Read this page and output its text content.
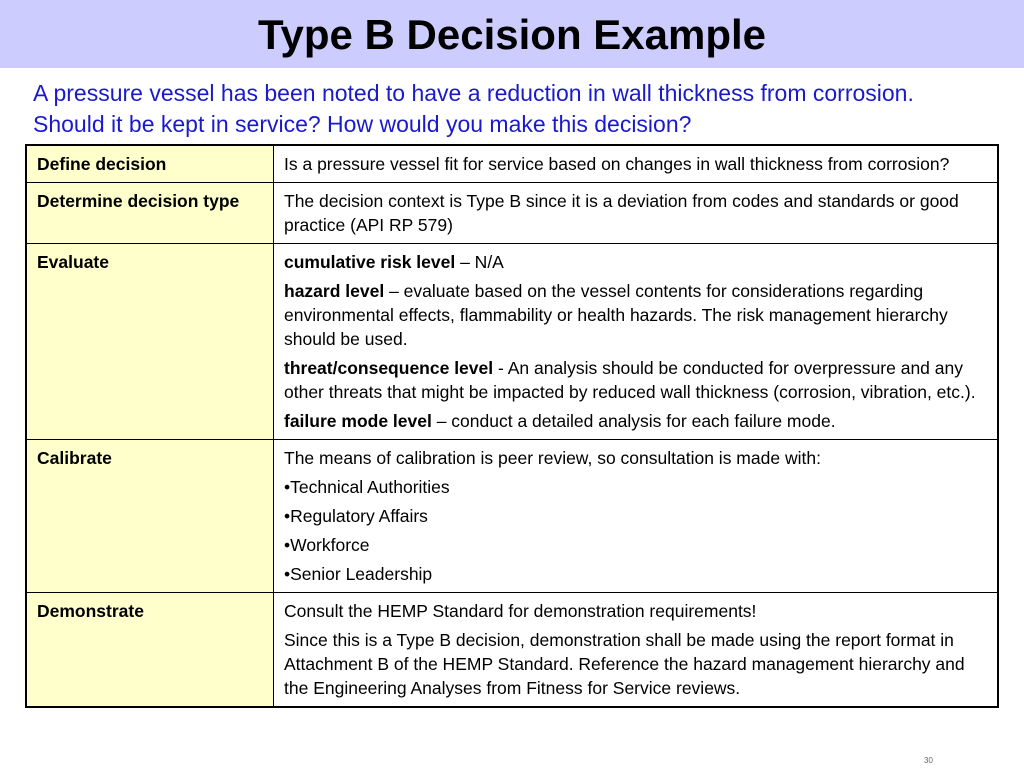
Type B Decision Example
A pressure vessel has been noted to have a reduction in wall thickness from corrosion.
Should it be kept in service? How would you make this decision?
Define decision	Is a pressure vessel fit for service based on changes in wall thickness from corrosion?
Determine decision type	The decision context is Type B since it is a deviation from codes and standards or good practice (API RP 579)
Evaluate	cumulative risk level – N/A

hazard level – evaluate based on the vessel contents for considerations regarding environmental effects, flammability or health hazards. The risk management hierarchy should be used.

threat/consequence level - An analysis should be conducted for overpressure and any other threats that might be impacted by reduced wall thickness (corrosion, vibration, etc.).

failure mode level – conduct a detailed analysis for each failure mode.

Calibrate	The means of calibration is peer review, so consultation is made with:

•Technical Authorities

•Regulatory Affairs

•Workforce

•Senior Leadership

Demonstrate	Consult the HEMP Standard for demonstration requirements!

Since this is a Type B decision, demonstration shall be made using the report format in Attachment B of the HEMP Standard. Reference the hazard management hierarchy and the Engineering Analyses from Fitness for Service reviews.

30
